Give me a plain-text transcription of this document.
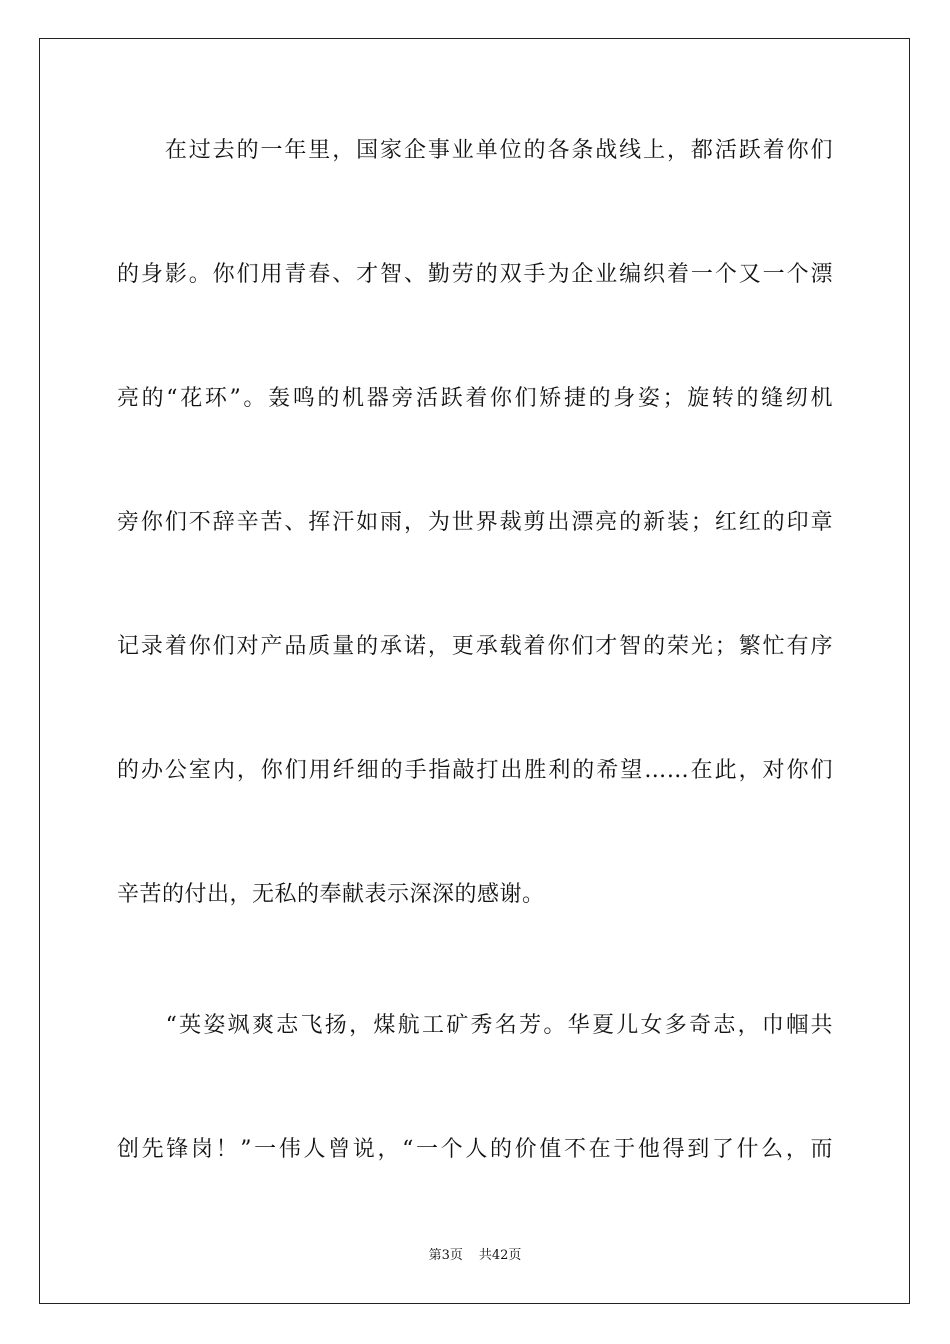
　　在过去的一年里，国家企事业单位的各条战线上，都活跃着你们
的身影。你们用青春、才智、勤劳的双手为企业编织着一个又一个漂
亮的“花环”。轰鸣的机器旁活跃着你们矫捷的身姿；旋转的缝纫机
旁你们不辞辛苦、挥汗如雨，为世界裁剪出漂亮的新装；红红的印章
记录着你们对产品质量的承诺，更承载着你们才智的荣光；繁忙有序
的办公室内，你们用纤细的手指敲打出胜利的希望……在此，对你们
辛苦的付出，无私的奉献表示深深的感谢。
　　“英姿飒爽志飞扬，煤航工矿秀名芳。华夏儿女多奇志，巾帼共
创先锋岗！”一伟人曾说，“一个人的价值不在于他得到了什么，而
第3页 共42页
